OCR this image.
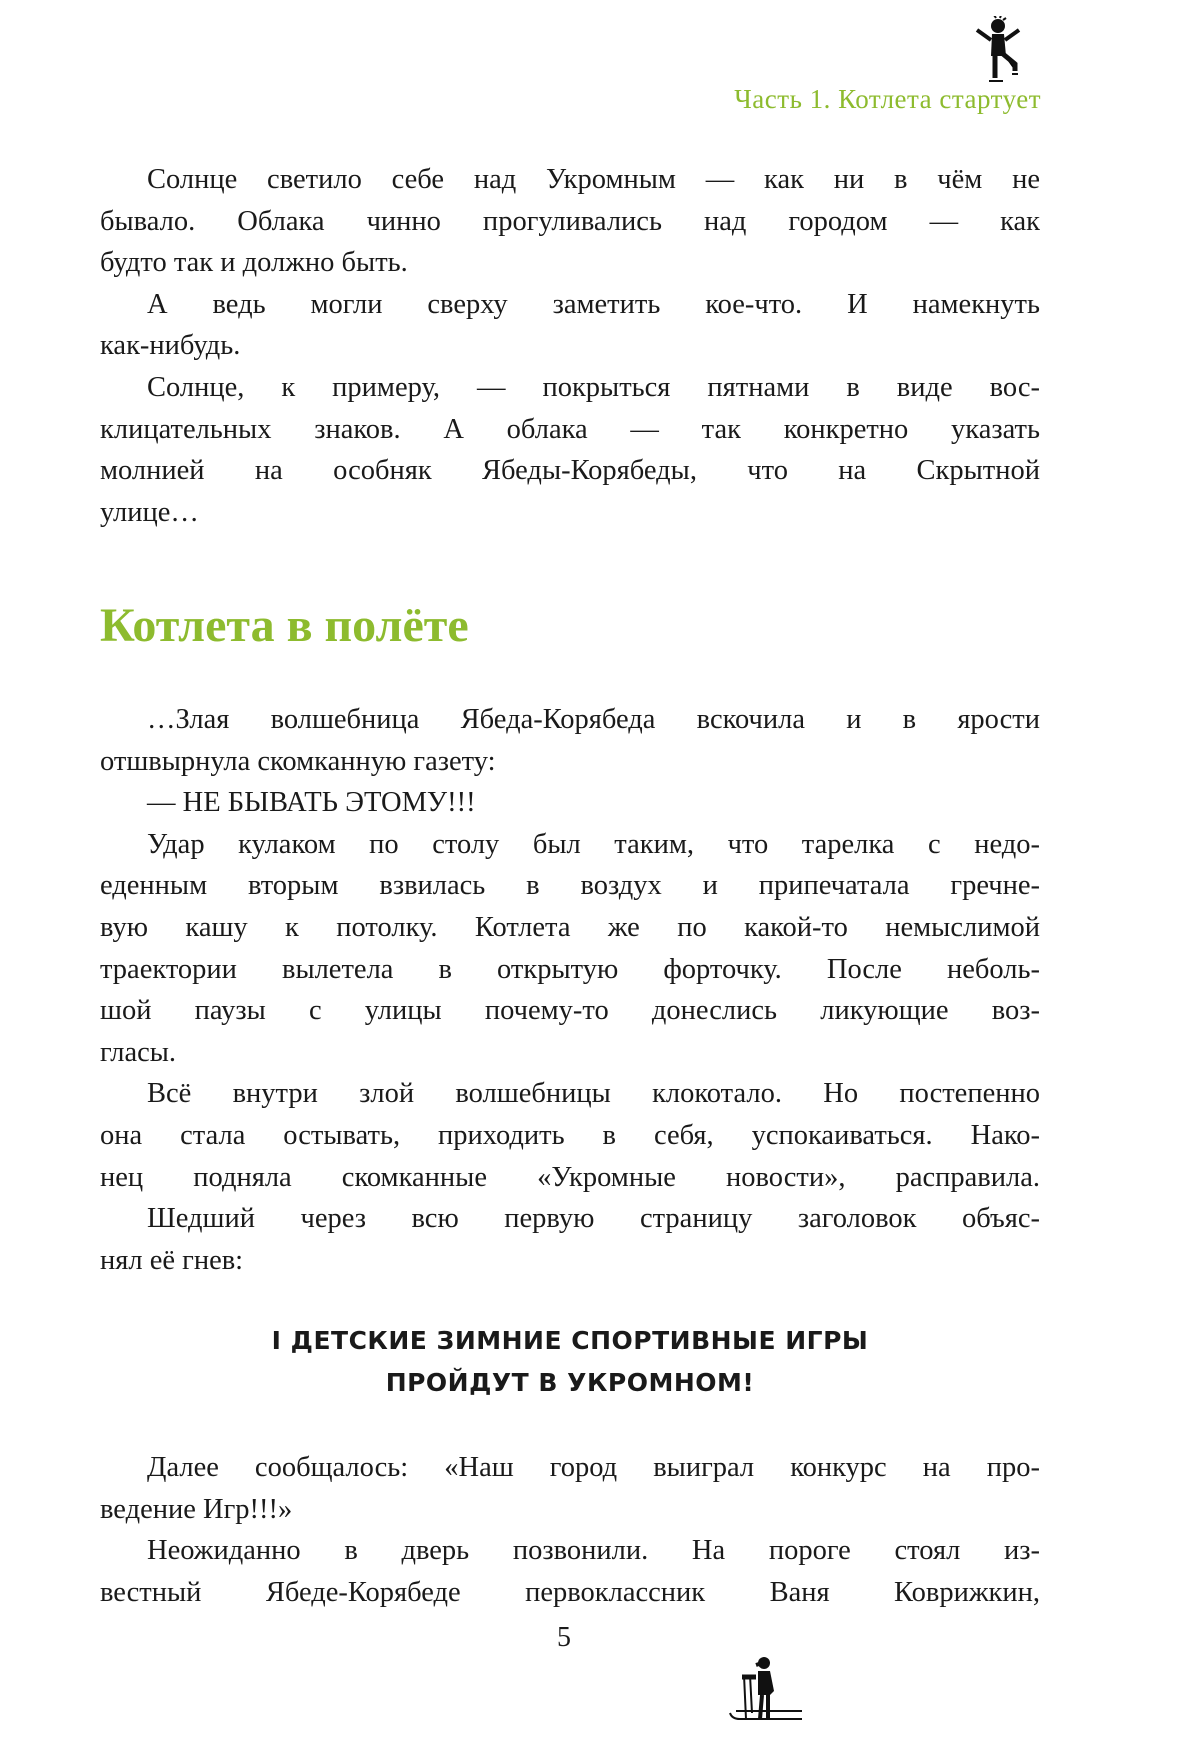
Часть 1. Котлета стартует
Солнце светило себе над Укромным — как ни в чём не
бывало. Облака чинно прогуливались над городом — как
будто так и должно быть.
А ведь могли сверху заметить кое-что. И намекнуть
как-нибудь.
Солнце, к примеру, — покрыться пятнами в виде вос-
клицательных знаков. А облака — так конкретно указать
молнией на особняк Ябеды-Корябеды, что на Скрытной
улице…
Котлета в полёте
…Злая волшебница Ябеда-Корябеда вскочила и в ярости
отшвырнула скомканную газету:
— НЕ БЫВАТЬ ЭТОМУ!!!
Удар кулаком по столу был таким, что тарелка с недо-
еденным вторым взвилась в воздух и припечатала гречне-
вую кашу к потолку. Котлета же по какой-то немыслимой
траектории вылетела в открытую форточку. После неболь-
шой паузы с улицы почему-то донеслись ликующие воз-
гласы.
Всё внутри злой волшебницы клокотало. Но постепенно
она стала остывать, приходить в себя, успокаиваться. Нако-
нец подняла скомканные «Укромные новости», расправила.
Шедший через всю первую страницу заголовок объяс-
нял её гнев:
I ДЕТСКИЕ ЗИМНИЕ СПОРТИВНЫЕ ИГРЫ
ПРОЙДУТ В УКРОМНОМ!
Далее сообщалось: «Наш город выиграл конкурс на про-
ведение Игр!!!»
Неожиданно в дверь позвонили. На пороге стоял из-
вестный Ябеде-Корябеде первоклассник Ваня Коврижкин,
5
